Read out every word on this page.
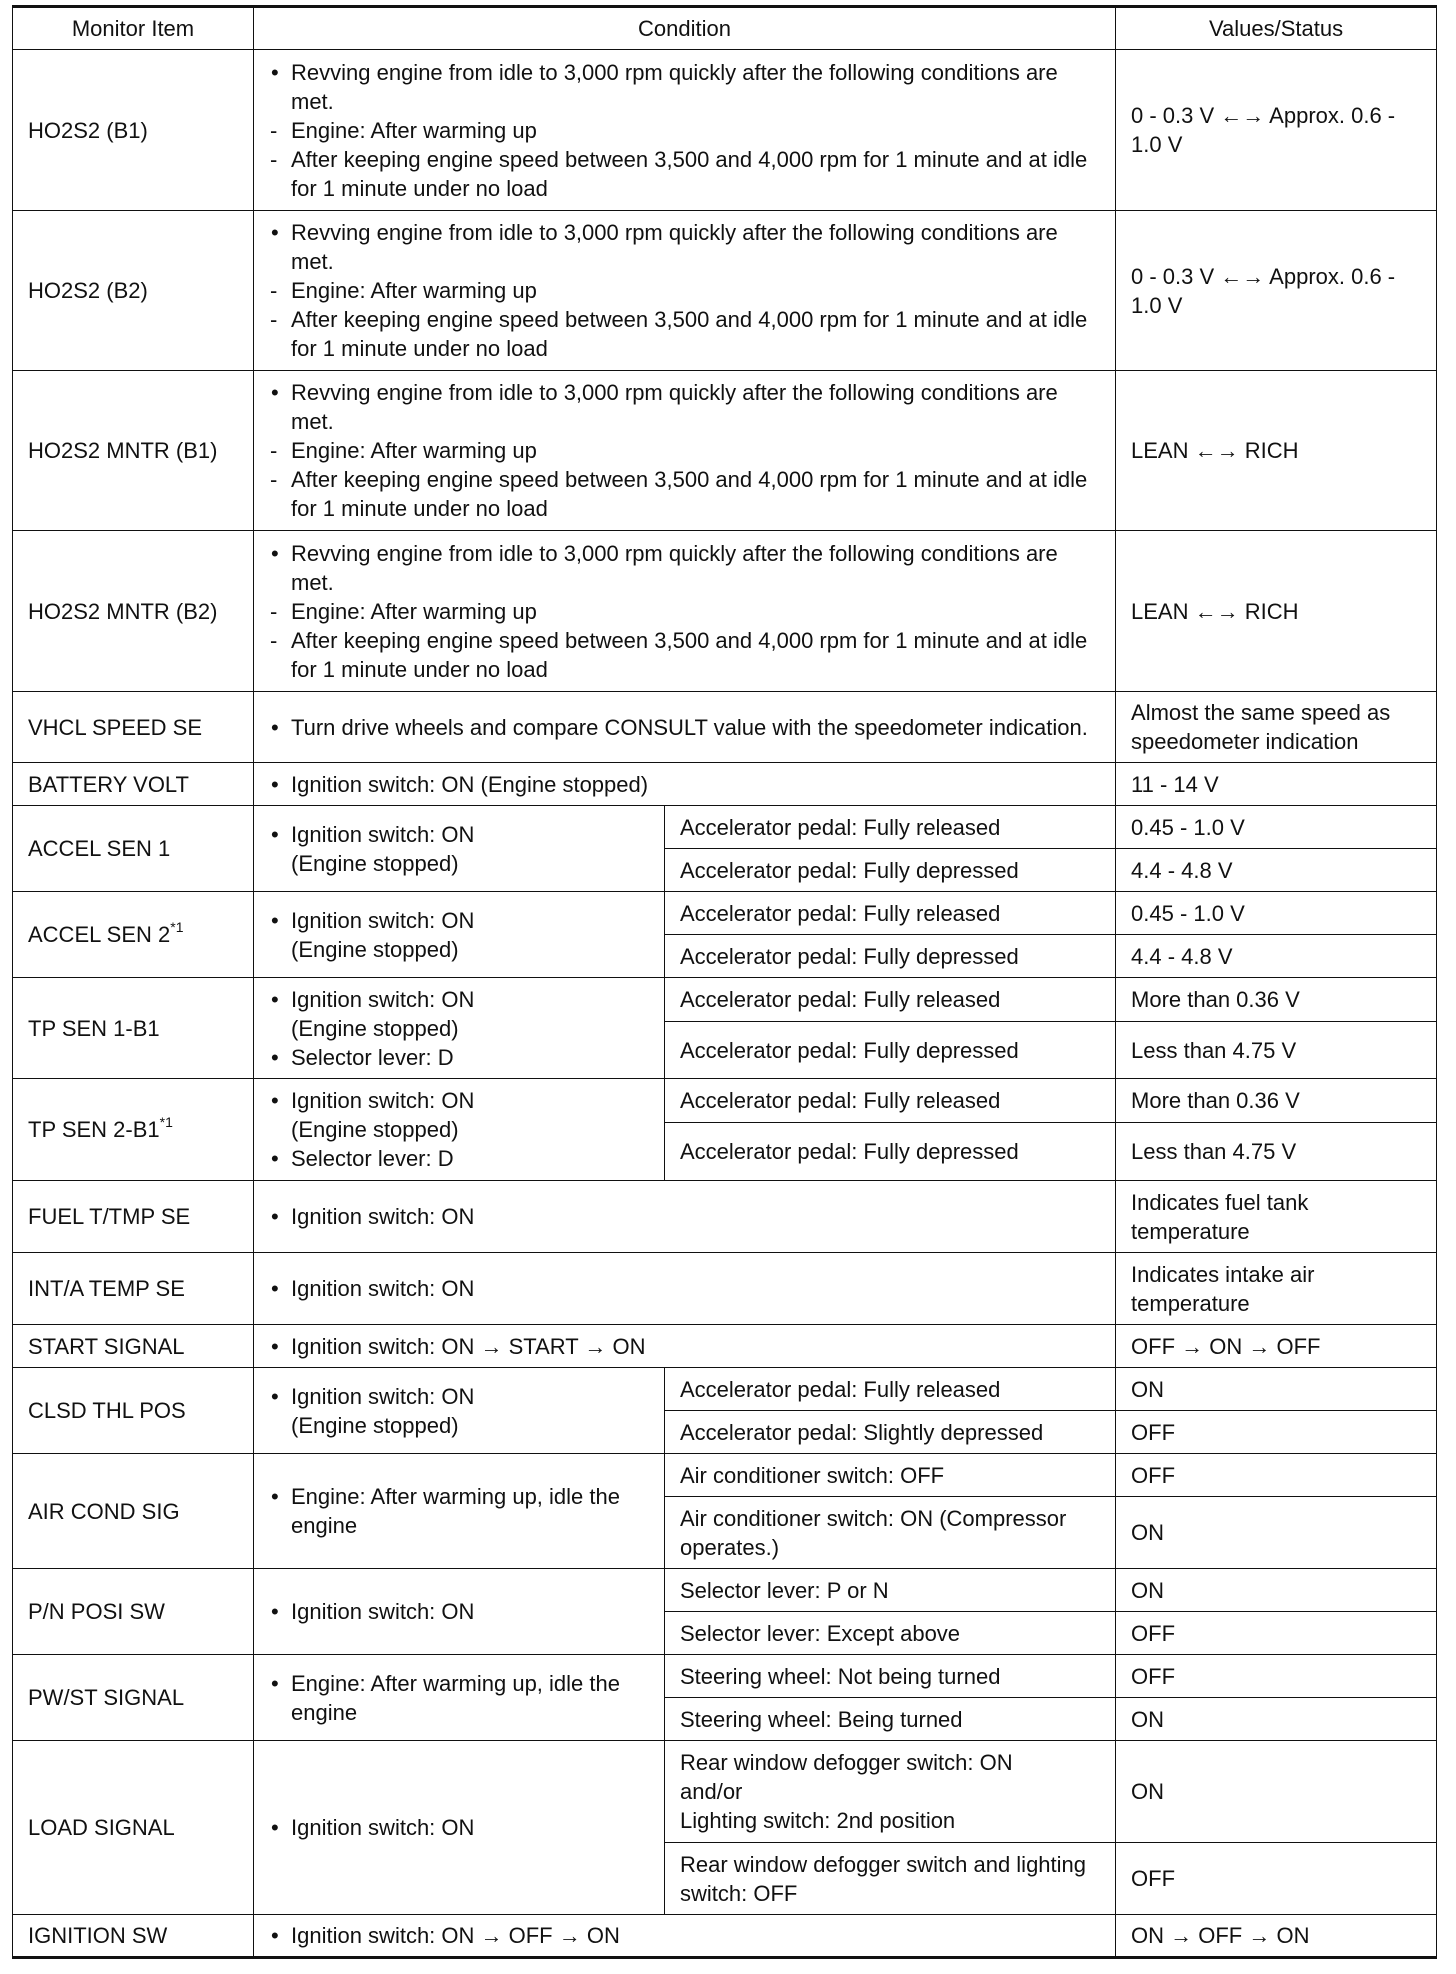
Monitor Item	Condition		Values/Status
HO2S2 (B1)	• Revving engine from idle to 3,000 rpm quickly after the following conditions are met.
- Engine: After warming up
- After keeping engine speed between 3,500 and 4,000 rpm for 1 minute and at idle for 1 minute under no load		0 - 0.3 V ←→ Approx. 0.6 - 1.0 V
HO2S2 (B2)	• Revving engine from idle to 3,000 rpm quickly after the following conditions are met.
- Engine: After warming up
- After keeping engine speed between 3,500 and 4,000 rpm for 1 minute and at idle for 1 minute under no load		0 - 0.3 V ←→ Approx. 0.6 - 1.0 V
HO2S2 MNTR (B1)	• Revving engine from idle to 3,000 rpm quickly after the following conditions are met.
- Engine: After warming up
- After keeping engine speed between 3,500 and 4,000 rpm for 1 minute and at idle for 1 minute under no load		LEAN ←→ RICH
HO2S2 MNTR (B2)	• Revving engine from idle to 3,000 rpm quickly after the following conditions are met.
- Engine: After warming up
- After keeping engine speed between 3,500 and 4,000 rpm for 1 minute and at idle for 1 minute under no load		LEAN ←→ RICH
VHCL SPEED SE	• Turn drive wheels and compare CONSULT value with the speedometer indication.		Almost the same speed as speedometer indication
BATTERY VOLT	• Ignition switch: ON (Engine stopped)		11 - 14 V
ACCEL SEN 1	• Ignition switch: ON
(Engine stopped)	Accelerator pedal: Fully released	0.45 - 1.0 V
		Accelerator pedal: Fully depressed	4.4 - 4.8 V
ACCEL SEN 2$^{*1}$	• Ignition switch: ON
(Engine stopped)	Accelerator pedal: Fully released	0.45 - 1.0 V
		Accelerator pedal: Fully depressed	4.4 - 4.8 V
TP SEN 1-B1	• Ignition switch: ON
(Engine stopped)
• Selector lever: D	Accelerator pedal: Fully released	More than 0.36 V
		Accelerator pedal: Fully depressed	Less than 4.75 V
TP SEN 2-B1$^{*1}$	• Ignition switch: ON
(Engine stopped)
• Selector lever: D	Accelerator pedal: Fully released	More than 0.36 V
		Accelerator pedal: Fully depressed	Less than 4.75 V
FUEL T/TMP SE	• Ignition switch: ON		Indicates fuel tank temperature
INT/A TEMP SE	• Ignition switch: ON		Indicates intake air temperature
START SIGNAL	• Ignition switch: ON → START → ON		OFF → ON → OFF
CLSD THL POS	• Ignition switch: ON
(Engine stopped)	Accelerator pedal: Fully released	ON
		Accelerator pedal: Slightly depressed	OFF
AIR COND SIG	• Engine: After warming up, idle the engine	Air conditioner switch: OFF	OFF
		Air conditioner switch: ON (Compressor operates.)	ON
P/N POSI SW	• Ignition switch: ON	Selector lever: P or N	ON
		Selector lever: Except above	OFF
PW/ST SIGNAL	• Engine: After warming up, idle the engine	Steering wheel: Not being turned	OFF
		Steering wheel: Being turned	ON
LOAD SIGNAL	• Ignition switch: ON	Rear window defogger switch: ON
and/or
Lighting switch: 2nd position	ON
		Rear window defogger switch and lighting switch: OFF	OFF
IGNITION SW	• Ignition switch: ON → OFF → ON		ON → OFF → ON
